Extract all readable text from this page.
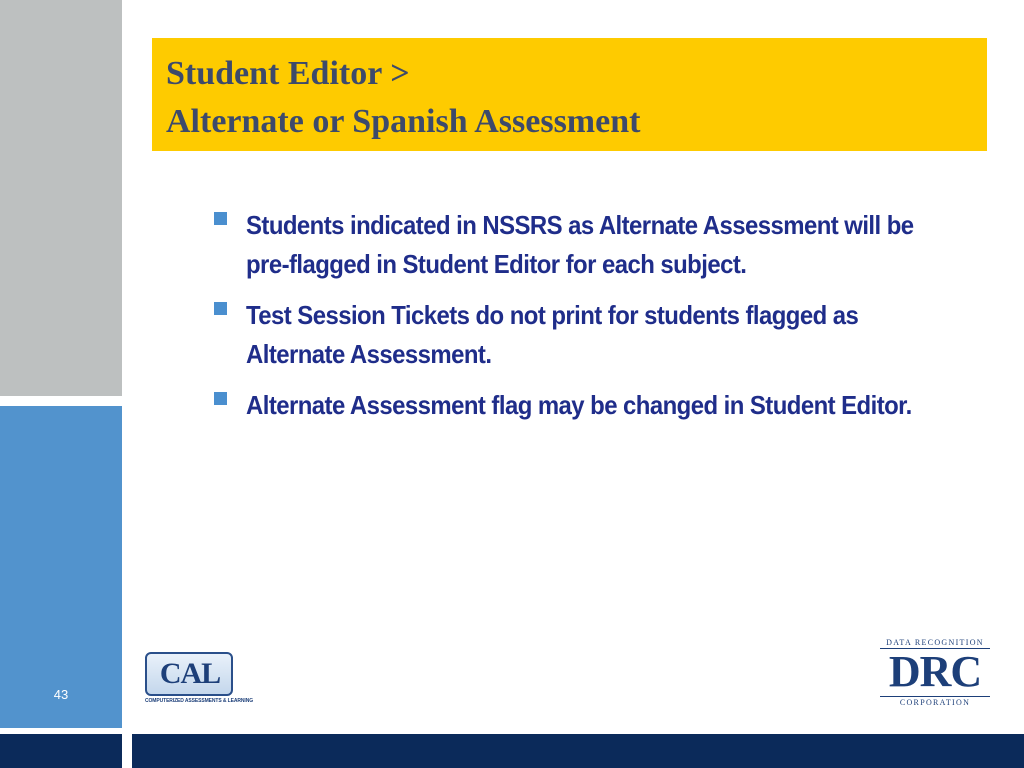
43
Student Editor >
Alternate or Spanish Assessment
Students indicated in NSSRS as Alternate Assessment will be pre-flagged in Student Editor for each subject.
Test Session Tickets do not print for students flagged as Alternate Assessment.
Alternate Assessment flag may be changed in Student Editor.
CAL
COMPUTERIZED ASSESSMENTS & LEARNING
DATA RECOGNITION
DRC
CORPORATION
